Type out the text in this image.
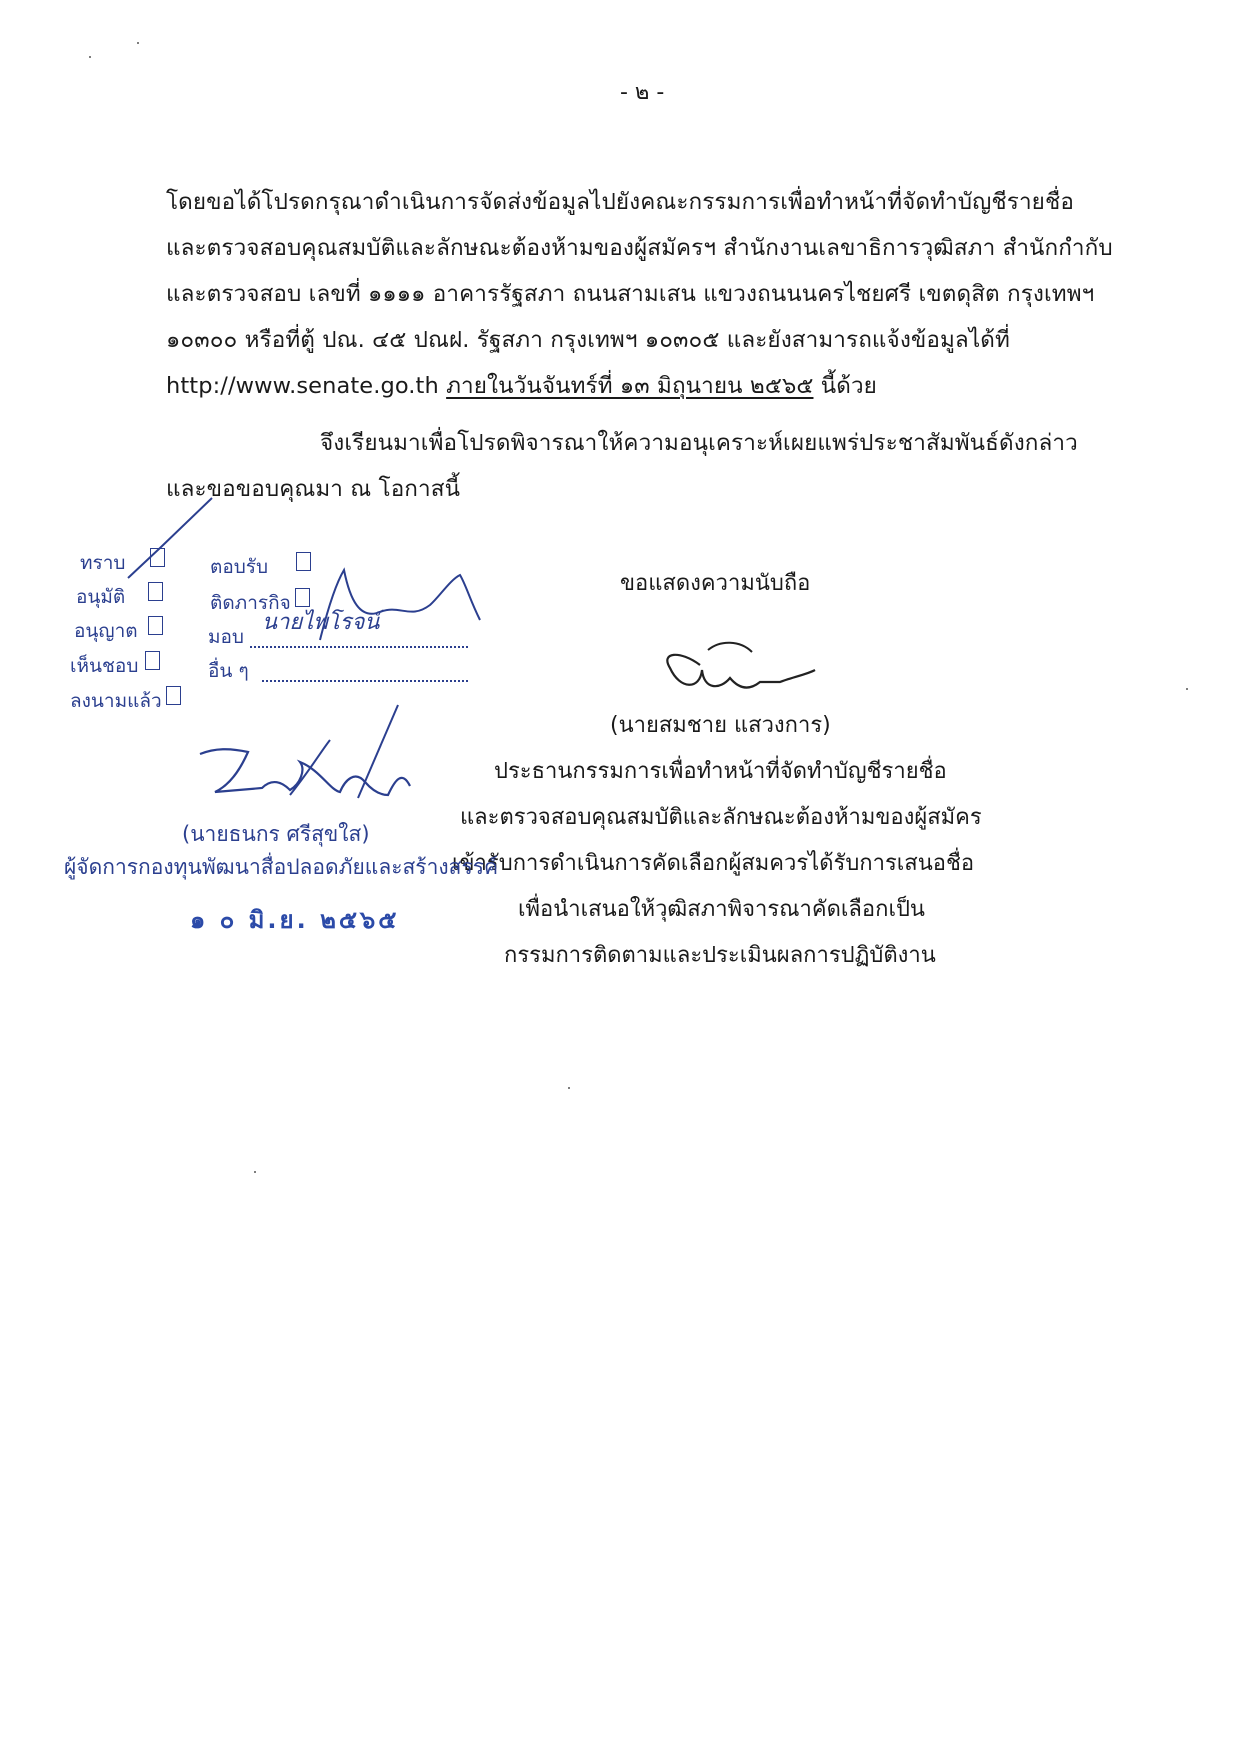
- ๒ -
โดยขอได้โปรดกรุณาดำเนินการจัดส่งข้อมูลไปยังคณะกรรมการเพื่อทำหน้าที่จัดทำบัญชีรายชื่อ
และตรวจสอบคุณสมบัติและลักษณะต้องห้ามของผู้สมัครฯ สำนักงานเลขาธิการวุฒิสภา สำนักกำกับ
และตรวจสอบ เลขที่ ๑๑๑๑ อาคารรัฐสภา ถนนสามเสน แขวงถนนนครไชยศรี เขตดุสิต กรุงเทพฯ
๑๐๓๐๐ หรือที่ตู้ ปณ. ๔๕ ปณฝ. รัฐสภา กรุงเทพฯ ๑๐๓๐๕ และยังสามารถแจ้งข้อมูลได้ที่
http://www.senate.go.th ภายในวันจันทร์ที่ ๑๓ มิถุนายน ๒๕๖๕ นี้ด้วย
จึงเรียนมาเพื่อโปรดพิจารณาให้ความอนุเคราะห์เผยแพร่ประชาสัมพันธ์ดังกล่าว
และขอขอบคุณมา ณ โอกาสนี้
ทราบ
อนุมัติ
อนุญาต
เห็นชอบ
ลงนามแล้ว
ตอบรับ
ติดภารกิจ
มอบ
นายไพโรจน์
อื่น ๆ
ขอแสดงความนับถือ
(นายสมชาย แสวงการ)
ประธานกรรมการเพื่อทำหน้าที่จัดทำบัญชีรายชื่อ
และตรวจสอบคุณสมบัติและลักษณะต้องห้ามของผู้สมัคร
เข้ารับการดำเนินการคัดเลือกผู้สมควรได้รับการเสนอชื่อ
เพื่อนำเสนอให้วุฒิสภาพิจารณาคัดเลือกเป็น
กรรมการติดตามและประเมินผลการปฏิบัติงาน
(นายธนกร ศรีสุขใส)
ผู้จัดการกองทุนพัฒนาสื่อปลอดภัยและสร้างสรรค์
๑ ๐ มิ.ย. ๒๕๖๕
